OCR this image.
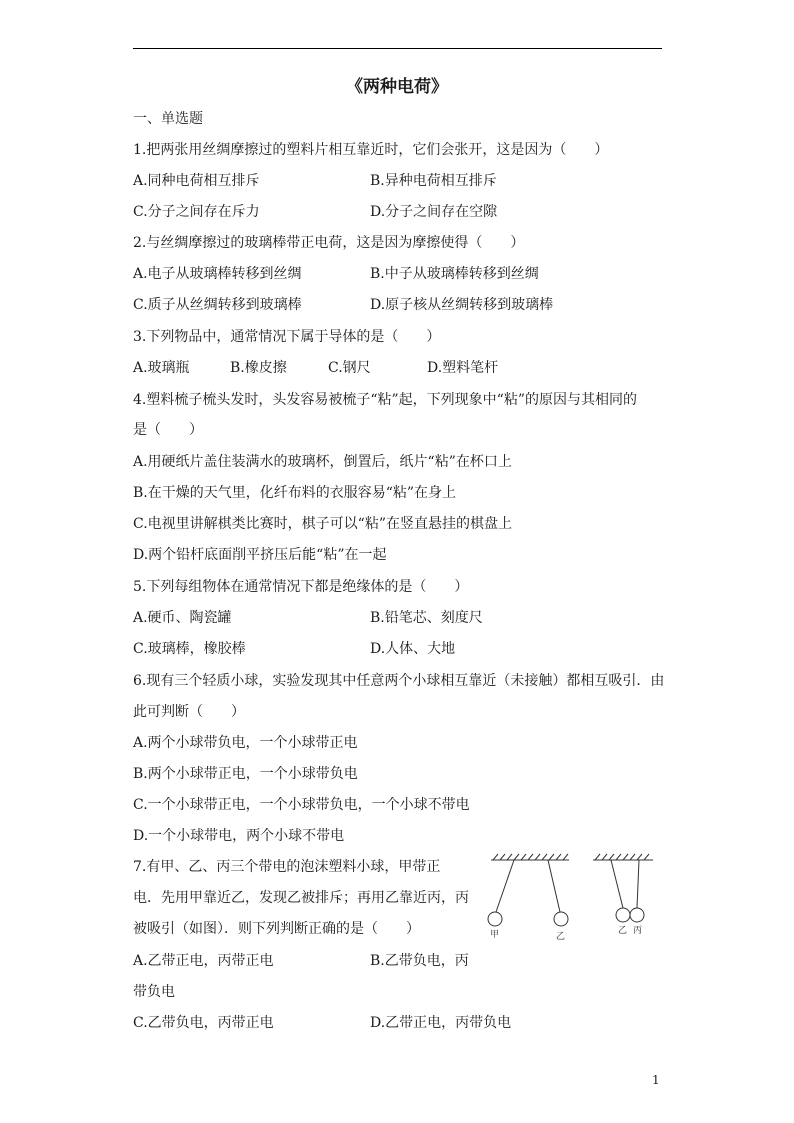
《两种电荷》
一、单选题
1.把两张用丝绸摩擦过的塑料片相互靠近时，它们会张开，这是因为（　　）
A.同种电荷相互排斥	B.异种电荷相互排斥
C.分子之间存在斥力	D.分子之间存在空隙
2.与丝绸摩擦过的玻璃棒带正电荷，这是因为摩擦使得（　　）
A.电子从玻璃棒转移到丝绸	B.中子从玻璃棒转移到丝绸
C.质子从丝绸转移到玻璃棒	D.原子核从丝绸转移到玻璃棒
3.下列物品中，通常情况下属于导体的是（　　）
A.玻璃瓶	B.橡皮擦	C.钢尺	D.塑料笔杆
4.塑料梳子梳头发时，头发容易被梳子“粘”起，下列现象中“粘”的原因与其相同的
是（　　）
A.用硬纸片盖住装满水的玻璃杯，倒置后，纸片“粘”在杯口上
B.在干燥的天气里，化纤布料的衣服容易“粘”在身上
C.电视里讲解棋类比赛时，棋子可以“粘”在竖直悬挂的棋盘上
D.两个铅杆底面削平挤压后能“粘”在一起
5.下列每组物体在通常情况下都是绝缘体的是（　　）
A.硬币、陶瓷罐	B.铅笔芯、刻度尺
C.玻璃棒，橡胶棒	D.人体、大地
6.现有三个轻质小球，实验发现其中任意两个小球相互靠近（未接触）都相互吸引．由
此可判断（　　）
A.两个小球带负电，一个小球带正电
B.两个小球带正电，一个小球带负电
C.一个小球带正电，一个小球带负电，一个小球不带电
D.一个小球带电，两个小球不带电
7.有甲、乙、丙三个带电的泡沫塑料小球，甲带正
电．先用甲靠近乙，发现乙被排斥；再用乙靠近丙，丙
被吸引（如图）．则下列判断正确的是（　　）
A.乙带正电，丙带正电	B.乙带负电，丙
带负电
C.乙带负电，丙带正电	D.乙带正电，丙带负电
甲	乙
乙 丙
1
